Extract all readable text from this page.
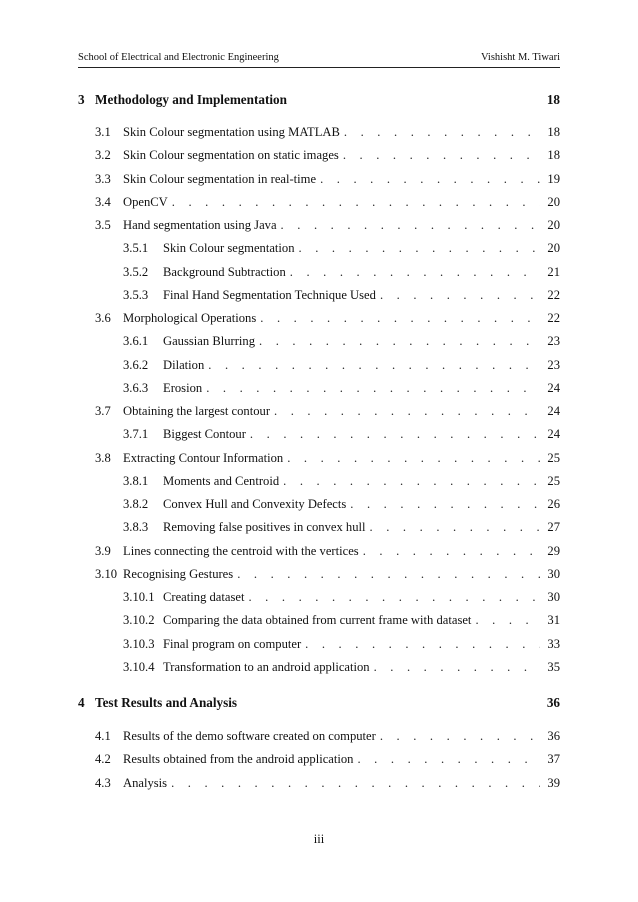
School of Electrical and Electronic Engineering	Vishisht M. Tiwari
3 Methodology and Implementation	18
3.1 Skin Colour segmentation using MATLAB . . .	18
3.2 Skin Colour segmentation on static images . . .	18
3.3 Skin Colour segmentation in real-time . . .	19
3.4 OpenCV . . .	20
3.5 Hand segmentation using Java . . .	20
3.5.1	Skin Colour segmentation . . .	20
3.5.2	Background Subtraction . . .	21
3.5.3	Final Hand Segmentation Technique Used . . .	22
3.6 Morphological Operations . . .	22
3.6.1	Gaussian Blurring . . .	23
3.6.2	Dilation . . .	23
3.6.3	Erosion . . .	24
3.7 Obtaining the largest contour . . .	24
3.7.1	Biggest Contour . . .	24
3.8 Extracting Contour Information . . .	25
3.8.1	Moments and Centroid . . .	25
3.8.2	Convex Hull and Convexity Defects . . .	26
3.8.3	Removing false positives in convex hull . . .	27
3.9 Lines connecting the centroid with the vertices . . .	29
3.10 Recognising Gestures . . .	30
3.10.1 Creating dataset . . .	30
3.10.2 Comparing the data obtained from current frame with dataset . . .	31
3.10.3 Final program on computer . . .	33
3.10.4 Transformation to an android application . . .	35
4 Test Results and Analysis	36
4.1 Results of the demo software created on computer . . .	36
4.2 Results obtained from the android application . . .	37
4.3 Analysis . . .	39
iii
